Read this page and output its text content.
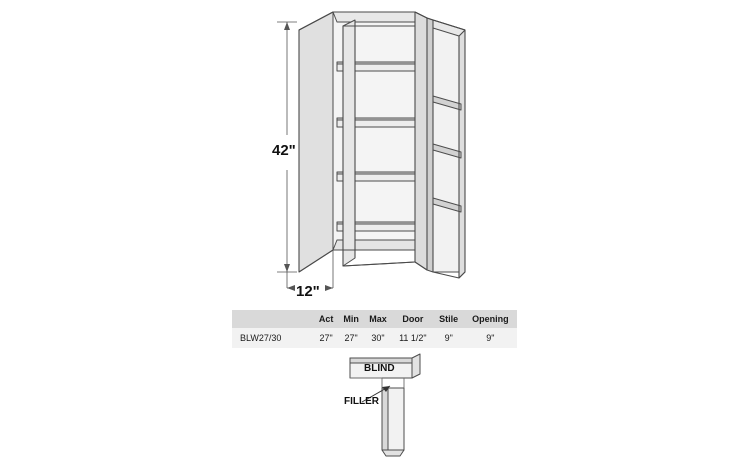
42"
12"
	Act	Min	Max	Door	Stile	Opening
BLW27/30	27"	27"	30"	11 1/2"	9"	9"
BLIND
FILLER
